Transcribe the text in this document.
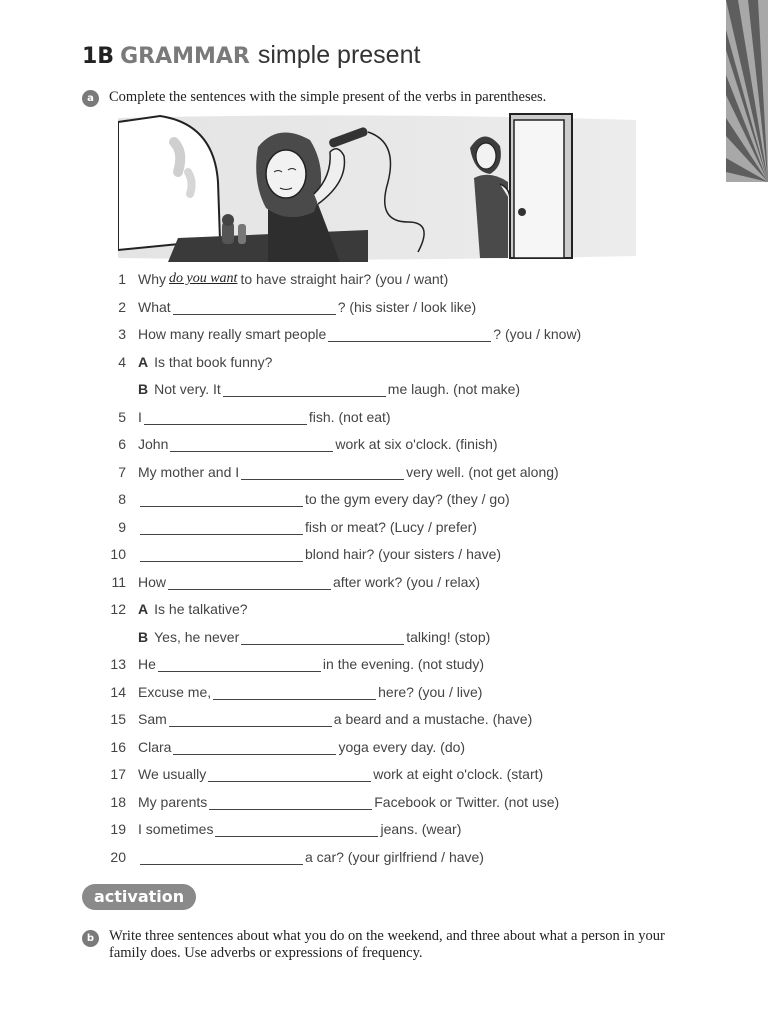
1B GRAMMAR simple present
a	Complete the sentences with the simple present of the verbs in parentheses.
1 Why do you want to have straight hair? (you / want)
2 What	? (his sister / look like)
3 How many really smart people	? (you / know)
4 A Is that book funny?
B Not very. It	me laugh. (not make)
5 I	fish. (not eat)
6 John	work at six o'clock. (finish)
7 My mother and I	very well. (not get along)
8	to the gym every day? (they / go)
9	fish or meat? (Lucy / prefer)
10	blond hair? (your sisters / have)
11 How	after work? (you / relax)
12 A Is he talkative?
B Yes, he never	talking! (stop)
13 He	in the evening. (not study)
14 Excuse me,	here? (you / live)
15 Sam	a beard and a mustache. (have)
16 Clara	yoga every day. (do)
17 We usually	work at eight o'clock. (start)
18 My parents	Facebook or Twitter. (not use)
19 I sometimes	jeans. (wear)
20	a car? (your girlfriend / have)
activation
b	Write three sentences about what you do on the weekend, and three about what a person in your
family does. Use adverbs or expressions of frequency.
